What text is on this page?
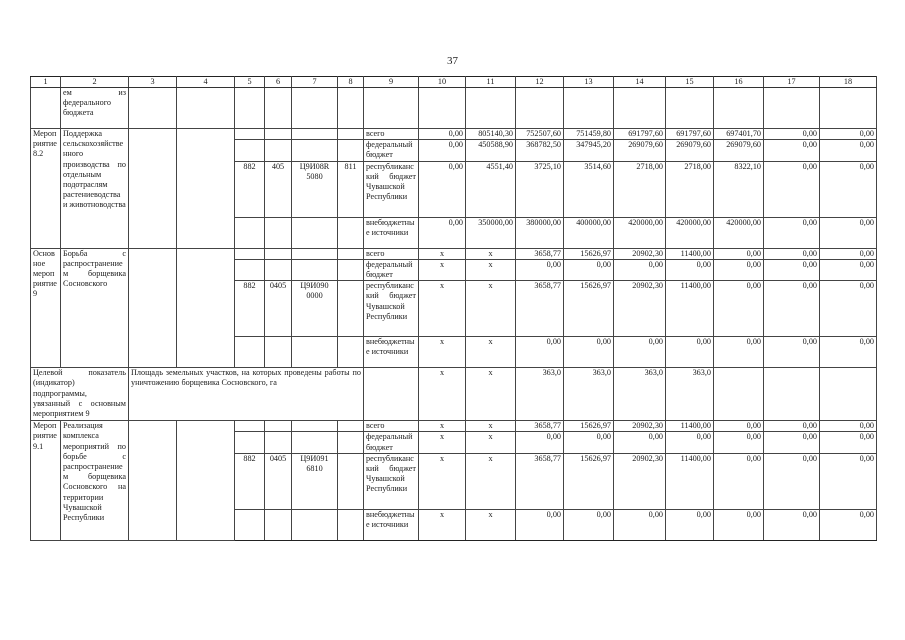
37
1	2	3	4	5	6	7	8	9	10	11	12	13	14	15	16	17	18
	ем из федерального бюджета																
Мероприятие 8.2	Поддержка сельскохозяйственного производства по отдельным подотраслям растениеводства и животноводства							всего	0,00	805140,30	752507,60	751459,80	691797,60	691797,60	697401,70	0,00	0,00
								федеральный бюджет	0,00	450588,90	368782,50	347945,20	269079,60	269079,60	269079,60	0,00	0,00
				882	405	Ц9И08R 5080	811	республиканский бюджет Чувашской Республики	0,00	4551,40	3725,10	3514,60	2718,00	2718,00	8322,10	0,00	0,00
								внебюджетные источники	0,00	350000,00	380000,00	400000,00	420000,00	420000,00	420000,00	0,00	0,00
Основное мероприятие 9	Борьба с распространением борщевика Сосновского							всего	x	x	3658,77	15626,97	20902,30	11400,00	0,00	0,00	0,00
								федеральный бюджет	x	x	0,00	0,00	0,00	0,00	0,00	0,00	0,00
				882	0405	Ц9И090 0000		республиканский бюджет Чувашской Республики	x	x	3658,77	15626,97	20902,30	11400,00	0,00	0,00	0,00
								внебюджетные источники	x	x	0,00	0,00	0,00	0,00	0,00	0,00	0,00
Целевой показатель (индикатор) подпрограммы, увязанный с основным мероприятием 9		Площадь земельных участков, на которых проведены работы по уничтожению борщевика Сосновского, га							x	x	363,0	363,0	363,0	363,0			
Мероприятие 9.1	Реализация комплекса мероприятий по борьбе с распространением борщевика Сосновского на территории Чувашской Республики							всего	x	x	3658,77	15626,97	20902,30	11400,00	0,00	0,00	0,00
								федеральный бюджет	x	x	0,00	0,00	0,00	0,00	0,00	0,00	0,00
				882	0405	Ц9И091 6810		республиканский бюджет Чувашской Республики	x	x	3658,77	15626,97	20902,30	11400,00	0,00	0,00	0,00
								внебюджетные источники	x	x	0,00	0,00	0,00	0,00	0,00	0,00	0,00
